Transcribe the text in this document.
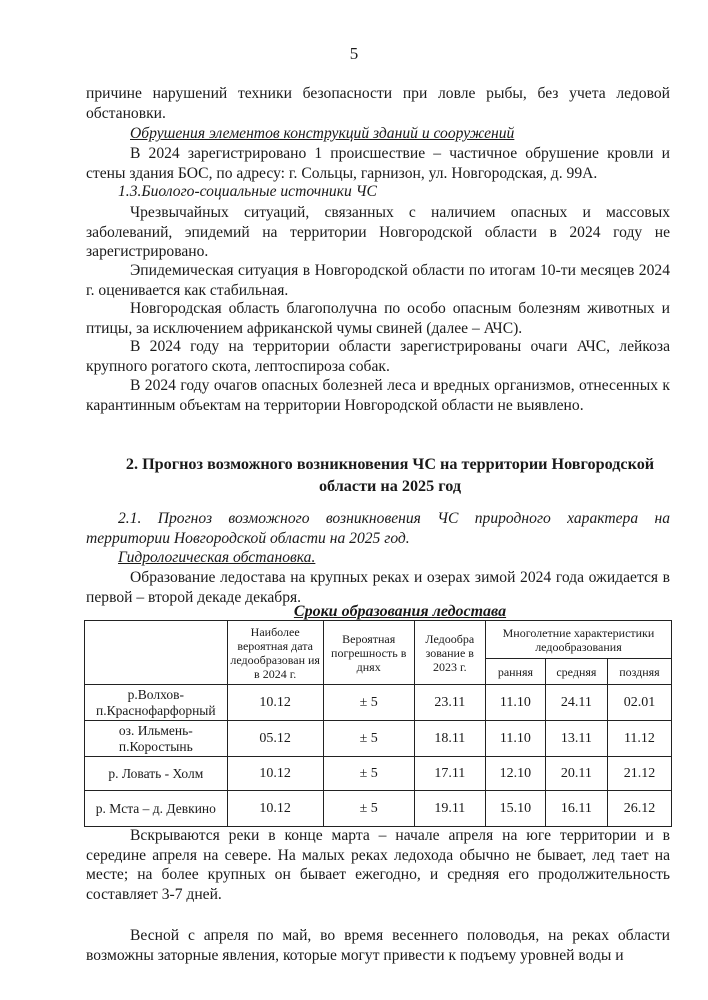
5

причине нарушений техники безопасности при ловле рыбы, без учета ледовой обстановки.

Обрушения элементов конструкций зданий и сооружений

В 2024 зарегистрировано 1 происшествие – частичное обрушение кровли и стены здания БОС, по адресу: г. Сольцы, гарнизон, ул. Новгородская, д. 99А.

1.3.Биолого-социальные источники ЧС

Чрезвычайных ситуаций, связанных с наличием опасных и массовых заболеваний, эпидемий на территории Новгородской области в 2024 году не зарегистрировано.

Эпидемическая ситуация в Новгородской области по итогам 10-ти месяцев 2024 г. оценивается как стабильная.

Новгородская область благополучна по особо опасным болезням животных и птицы, за исключением африканской чумы свиней (далее – АЧС).

В 2024 году на территории области зарегистрированы очаги АЧС, лейкоза крупного рогатого скота, лептоспироза собак.

В 2024 году очагов опасных болезней леса и вредных организмов, отнесенных к карантинным объектам на территории Новгородской области не выявлено.

2. Прогноз возможного возникновения ЧС на территории Новгородской области на 2025 год

2.1. Прогноз возможного возникновения ЧС природного характера на территории Новгородской области на 2025 год.

Гидрологическая обстановка.

Образование ледостава на крупных реках и озерах зимой 2024 года ожидается в первой – второй декаде декабря.

Сроки образования ледостава
	Наиболее вероятная дата ледообразован ия в 2024 г.	Вероятная погрешность в днях	Ледообра зование в 2023 г.	Многолетние характеристики ледообразования		
				ранняя	средняя	поздняя
р.Волхов-п.Краснофарфорный	10.12	± 5	23.11	11.10	24.11	02.01
оз. Ильмень-п.Коростынь	05.12	± 5	18.11	11.10	13.11	11.12
р. Ловать - Холм	10.12	± 5	17.11	12.10	20.11	21.12
р. Мста – д. Девкино	10.12	± 5	19.11	15.10	16.11	26.12

Вскрываются реки в конце марта – начале апреля на юге территории и в середине апреля на севере. На малых реках ледохода обычно не бывает, лед тает на месте; на более крупных он бывает ежегодно, и средняя его продолжительность составляет 3-7 дней.

Весной с апреля по май, во время весеннего половодья, на реках области возможны заторные явления, которые могут привести к подъему уровней воды и
